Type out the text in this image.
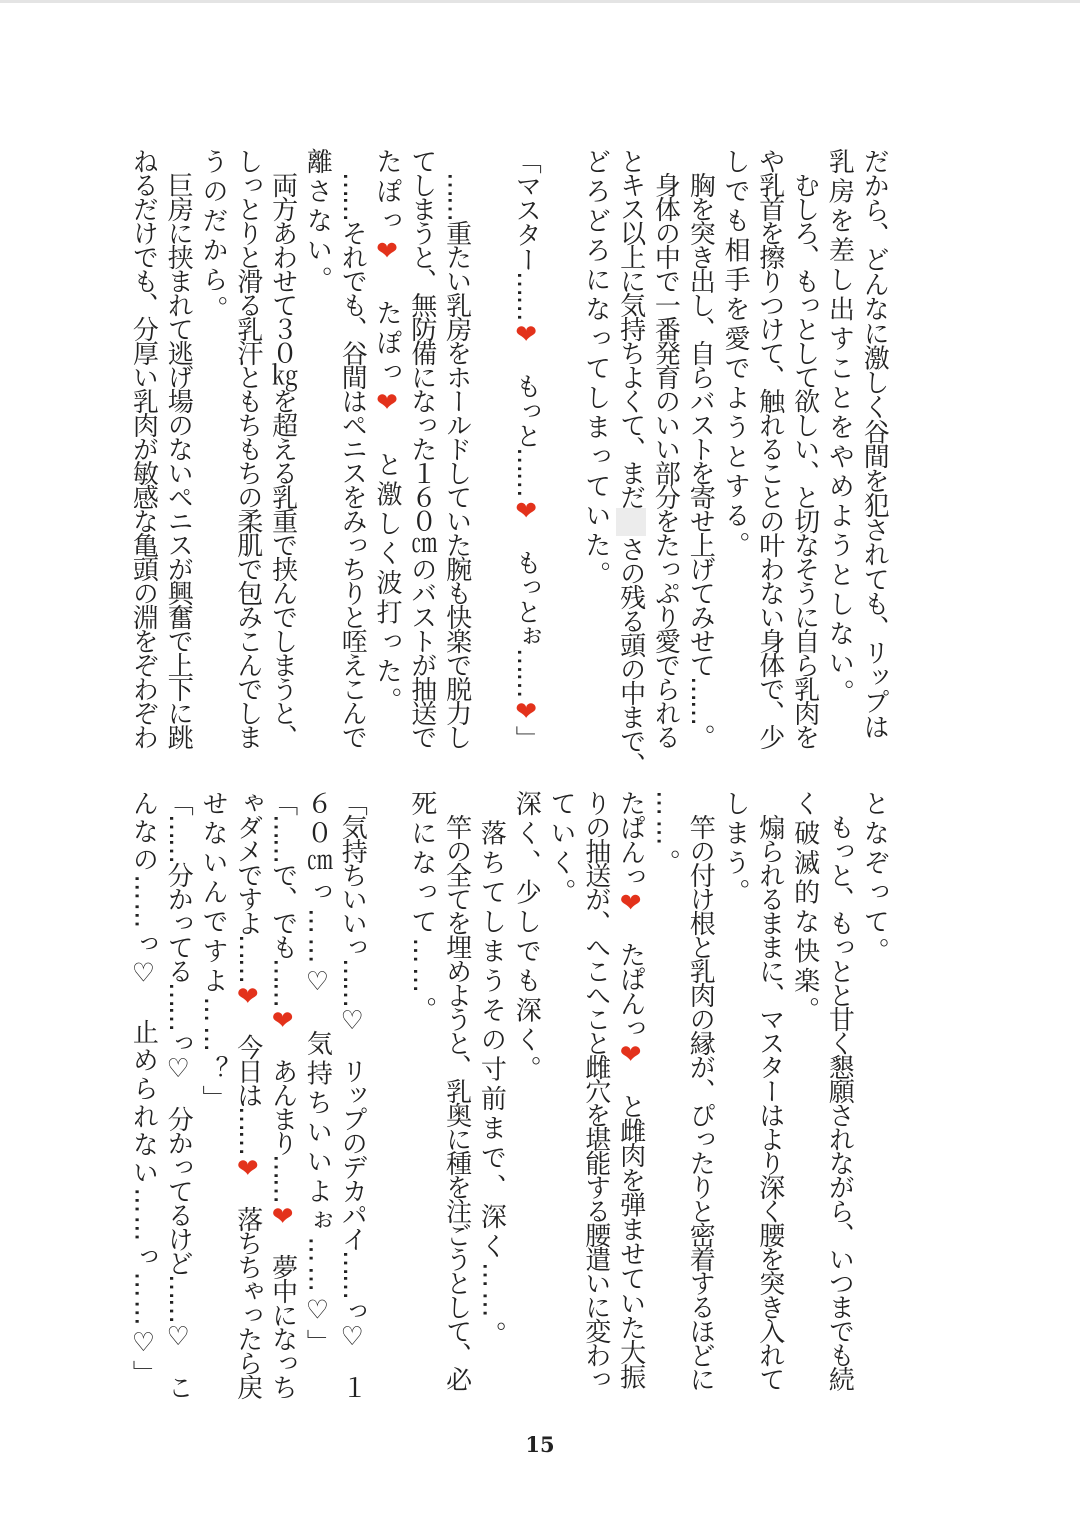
だから、どんなに激しく谷間を犯されても、リップは
乳房を差し出すことをやめようとしない。
　むしろ、もっとして欲しい、と切なそうに自ら乳肉を
や乳首を擦りつけて、触れることの叶わない身体で、少
しでも相手を愛でようとする。
　胸を突き出し、自らバストを寄せ上げてみせて……。
　身体の中で一番発育のいい部分をたっぷり愛でられる
とキス以上に気持ちよくて、まださの残る頭の中まで、
どろどろになってしまっていた。
「マスター……❤　もっと……❤　もっとぉ……❤」
　……重たい乳房をホールドしていた腕も快楽で脱力し
てしまうと、無防備になった１６０㎝のバストが抽送で
たぽっ❤　たぽっ❤　と激しく波打った。
　……それでも、谷間はペニスをみっちりと咥えこんで
離さない。
　両方あわせて３０㎏を超える乳重で挟んでしまうと、
しっとりと滑る乳汗ともちもちの柔肌で包みこんでしま
うのだから。
　巨房に挟まれて逃げ場のないペニスが興奮で上下に跳
ねるだけでも、分厚い乳肉が敏感な亀頭の淵をぞわぞわ
となぞって。
　もっと、もっとと甘く懇願されながら、いつまでも続
く破滅的な快楽。
　煽られるままに、マスターはより深く腰を突き入れて
しまう。
　竿の付け根と乳肉の縁が、ぴったりと密着するほどに
……。
たぱんっ❤　たぱんっ❤　と雌肉を弾ませていた大振
りの抽送が、へこへこと雌穴を堪能する腰遣いに変わっ
ていく。
深く、少しでも深く。
　落ちてしまうその寸前まで、深く……。
　竿の全てを埋めようと、乳奥に種を注ごうとして、必
死になって……。
「気持ちいいっ……♡　リップのデカパイ……っ♡　１
６０㎝っ……♡　気持ちいいよぉ……♡」
「……で、でも……❤　あんまり……❤　夢中になっち
ゃダメですよ……❤　今日は……❤　落ちちゃったら戻
せないんですよ……？」
「……分かってる……っ♡　分かってるけど……♡　こ
んなの……っ♡　止められない……っ……♡」
15
